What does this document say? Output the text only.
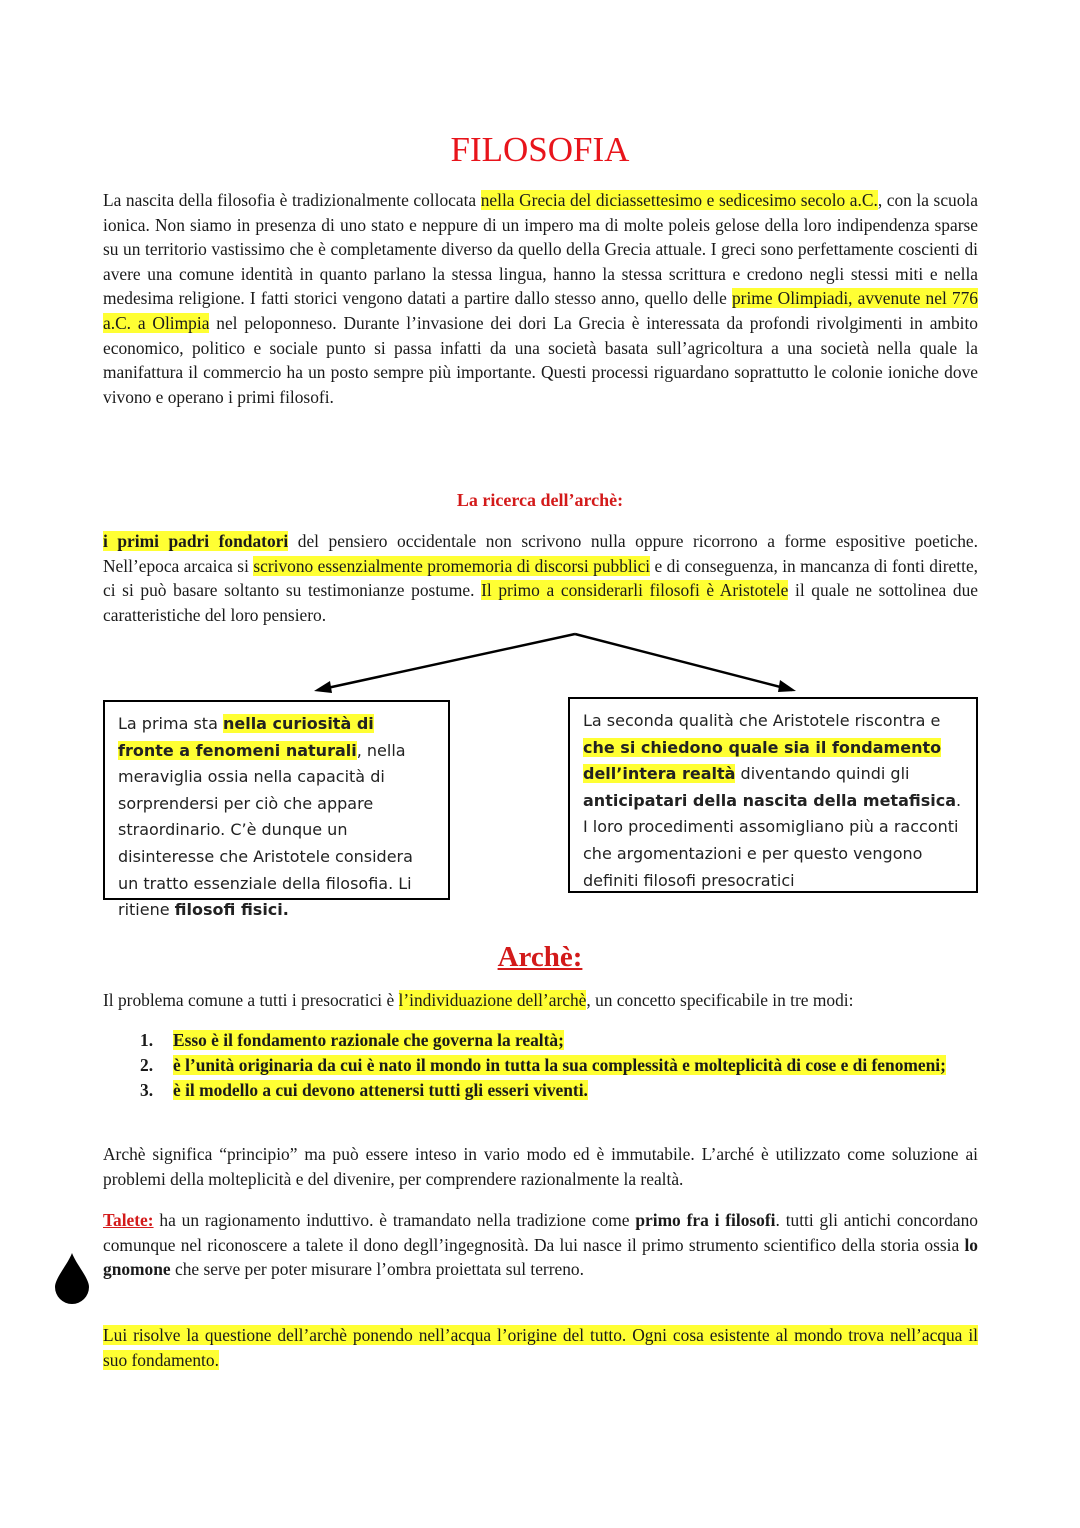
FILOSOFIA

La nascita della filosofia è tradizionalmente collocata nella Grecia del diciassettesimo e sedicesimo secolo a.C., con la scuola ionica. Non siamo in presenza di uno stato e neppure di un impero ma di molte poleis gelose della loro indipendenza sparse su un territorio vastissimo che è completamente diverso da quello della Grecia attuale. I greci sono perfettamente coscienti di avere una comune identità in quanto parlano la stessa lingua, hanno la stessa scrittura e credono negli stessi miti e nella medesima religione. I fatti storici vengono datati a partire dallo stesso anno, quello delle prime Olimpiadi, avvenute nel 776 a.C. a Olimpia nel peloponneso. Durante l’invasione dei dori La Grecia è interessata da profondi rivolgimenti in ambito economico, politico e sociale punto si passa infatti da una società basata sull’agricoltura a una società nella quale la manifattura il commercio ha un posto sempre più importante. Questi processi riguardano soprattutto le colonie ioniche dove vivono e operano i primi filosofi.

La ricerca dell’archè:

i primi padri fondatori del pensiero occidentale non scrivono nulla oppure ricorrono a forme espositive poetiche. Nell’epoca arcaica si scrivono essenzialmente promemoria di discorsi pubblici e di conseguenza, in mancanza di fonti dirette, ci si può basare soltanto su testimonianze postume. Il primo a considerarli filosofi è Aristotele il quale ne sottolinea due caratteristiche del loro pensiero.

La prima sta nella curiosità di fronte a fenomeni naturali, nella meraviglia ossia nella capacità di sorprendersi per ciò che appare straordinario. C’è dunque un disinteresse che Aristotele considera un tratto essenziale della filosofia. Li ritiene filosofi fisici.
La seconda qualità che Aristotele riscontra e che si chiedono quale sia il fondamento dell’intera realtà diventando quindi gli anticipatari della nascita della metafisica. I loro procedimenti assomigliano più a racconti che argomentazioni e per questo vengono definiti filosofi presocratici
Archè:

Il problema comune a tutti i presocratici è l’individuazione dell’archè, un concetto specificabile in tre modi:

1. Esso è il fondamento razionale che governa la realtà;
2. è l’unità originaria da cui è nato il mondo in tutta la sua complessità e molteplicità di cose e di fenomeni;
3. è il modello a cui devono attenersi tutti gli esseri viventi.

Archè significa “principio” ma può essere inteso in vario modo ed è immutabile. L’arché è utilizzato come soluzione ai problemi della molteplicità e del divenire, per comprendere razionalmente la realtà.

Talete: ha un ragionamento induttivo. è tramandato nella tradizione come primo fra i filosofi. tutti gli antichi concordano comunque nel riconoscere a talete il dono degll’ingegnosità. Da lui nasce il primo strumento scientifico della storia ossia lo gnomone che serve per poter misurare l’ombra proiettata sul terreno.

Lui risolve la questione dell’archè ponendo nell’acqua l’origine del tutto. Ogni cosa esistente al mondo trova nell’acqua il suo fondamento.
